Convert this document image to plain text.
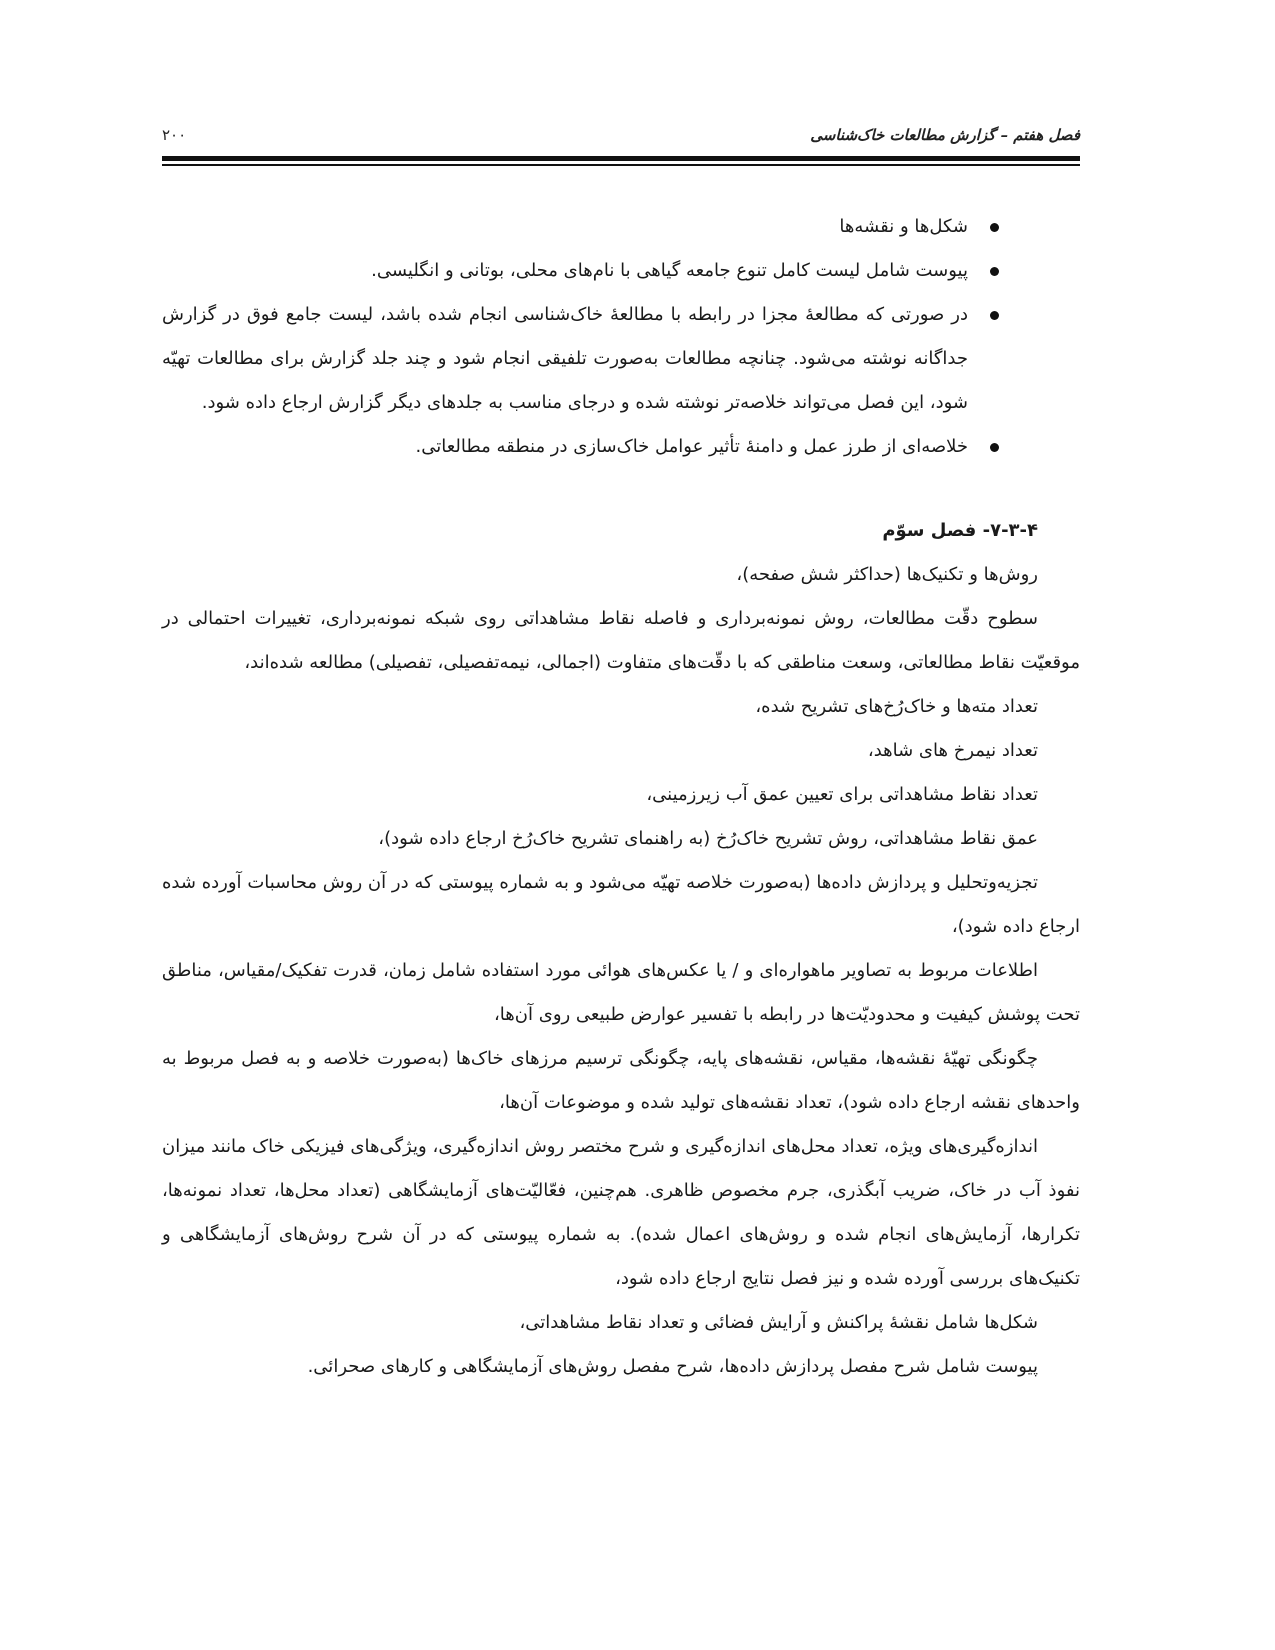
فصل هفتم – گزارش مطالعات خاک‌شناسی
۲۰۰
شکل‌ها و نقشه‌ها
پیوست شامل لیست کامل تنوع جامعه گیاهی با نام‌های محلی، بوتانی و انگلیسی.
در صورتی که مطالعهٔ مجزا در رابطه با مطالعهٔ خاک‌شناسی انجام شده باشد، لیست جامع فوق در گزارش جداگانه نوشته می‌شود. چنانچه مطالعات به‌صورت تلفیقی انجام شود و چند جلد گزارش برای مطالعات تهیّه شود، این فصل می‌تواند خلاصه‌تر نوشته شده و درجای مناسب به جلدهای دیگر گزارش ارجاع داده شود.
خلاصه‌ای از طرز عمل و دامنهٔ تأثیر عوامل خاک‌سازی در منطقه مطالعاتی.
۷-۳-۴- فصل سوّم

روش‌ها و تکنیک‌ها (حداکثر شش صفحه)،

سطوح دقّت مطالعات، روش نمونه‌برداری و فاصله نقاط مشاهداتی روی شبکه نمونه‌برداری، تغییرات احتمالی در موقعیّت نقاط مطالعاتی، وسعت مناطقی که با دقّت‌های متفاوت (اجمالی، نیمه‌تفصیلی، تفصیلی) مطالعه شده‌اند،

تعداد مته‌ها و خاک‌رُخ‌های تشریح شده،

تعداد نیمرخ های شاهد،

تعداد نقاط مشاهداتی برای تعیین عمق آب زیرزمینی،

عمق نقاط مشاهداتی، روش تشریح خاک‌رُخ (به راهنمای تشریح خاک‌رُخ ارجاع داده شود)،

تجزیه‌وتحلیل و پردازش داده‌ها (به‌صورت خلاصه تهیّه می‌شود و به شماره پیوستی که در آن روش محاسبات آورده شده ارجاع داده شود)،

اطلاعات مربوط به تصاویر ماهواره‌ای و / یا عکس‌های هوائی مورد استفاده شامل زمان، قدرت تفکیک/مقیاس، مناطق تحت پوشش کیفیت و محدودیّت‌ها در رابطه با تفسیر عوارض طبیعی روی آن‌ها،

چگونگی تهیّهٔ نقشه‌ها، مقیاس، نقشه‌های پایه، چگونگی ترسیم مرزهای خاک‌ها (به‌صورت خلاصه و به فصل مربوط به واحدهای نقشه ارجاع داده شود)، تعداد نقشه‌های تولید شده و موضوعات آن‌ها،

اندازه‌گیری‌های ویژه، تعداد محل‌های اندازه‌گیری و شرح مختصر روش اندازه‌گیری، ویژگی‌های فیزیکی خاک مانند میزان نفوذ آب در خاک، ضریب آبگذری، جرم مخصوص ظاهری. هم‌چنین، فعّالیّت‌های آزمایشگاهی (تعداد محل‌ها، تعداد نمونه‌ها، تکرارها، آزمایش‌های انجام شده و روش‌های اعمال شده). به شماره پیوستی که در آن شرح روش‌های آزمایشگاهی و تکنیک‌های بررسی آورده شده و نیز فصل نتایج ارجاع داده شود،

شکل‌ها شامل نقشهٔ پراکنش و آرایش فضائی و تعداد نقاط مشاهداتی،

پیوست شامل شرح مفصل پردازش داده‌ها، شرح مفصل روش‌های آزمایشگاهی و کارهای صحرائی.
